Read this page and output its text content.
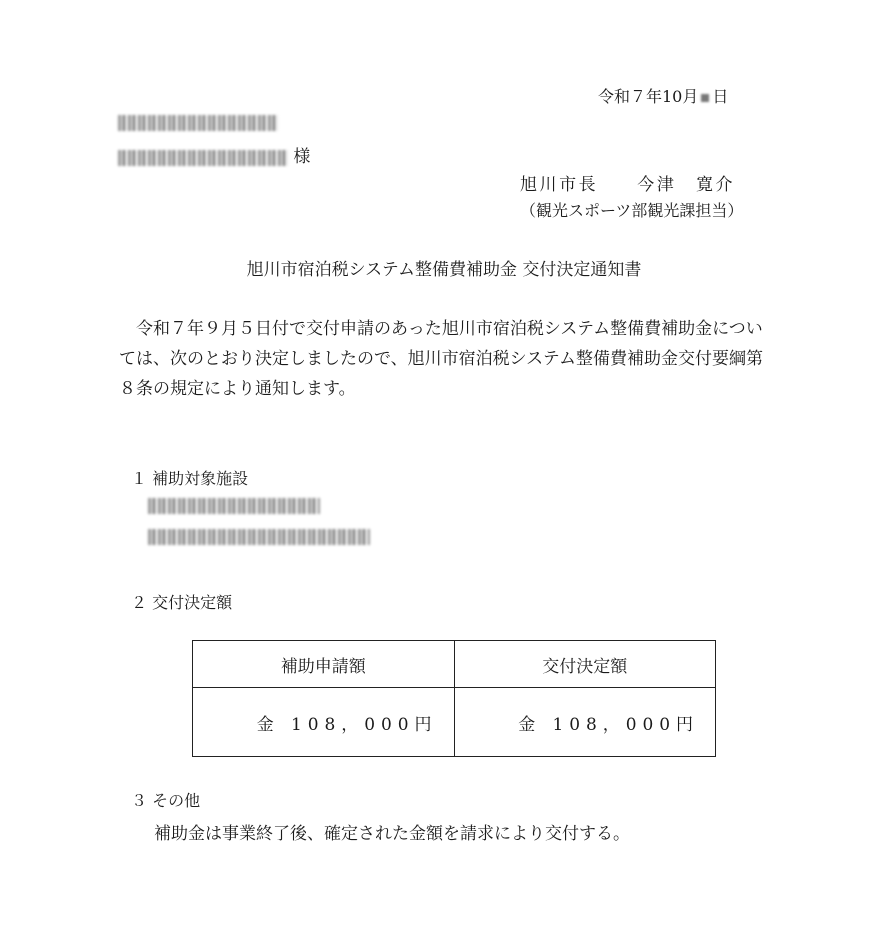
令和７年10月 日
様
旭川市長　　今津　寛介
（観光スポーツ部観光課担当）
旭川市宿泊税システム整備費補助金 交付決定通知書
令和７年９月５日付で交付申請のあった旭川市宿泊税システム整備費補助金については、次のとおり決定しましたので、旭川市宿泊税システム整備費補助金交付要綱第８条の規定により通知します。
１ 補助対象施設
２ 交付決定額
補助申請額	交付決定額
金 108，000円	金 108，000円
３ その他
補助金は事業終了後、確定された金額を請求により交付する。
